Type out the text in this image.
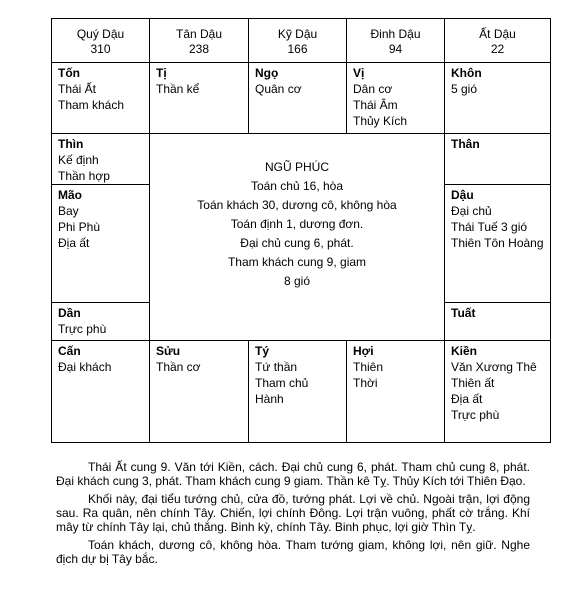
Quý Dậu
310
Tân Dậu
238
Kỹ Dậu
166
Đinh Dậu
94
Ất Dậu
22
Tốn
Thái Ất
Tham khách
Tị
Thần kể
Ngọ
Quân cơ
Vị
Dân cơ
Thái Âm
Thủy Kích
Khôn
5 gió
Thìn
Kế định
Thần hợp
Mão
Bay
Phi Phù
Địa ất
Dần
Trực phù
NGŨ PHÚC
Toán chủ 16, hòa
Toán khách 30, dương cô, không hòa
Toán định 1, dương đơn.
Đại chủ cung 6, phát.
Tham khách cung 9, giam
8 gió
Thân
Dậu
Đại chủ
Thái Tuế 3 gió
Thiên Tôn Hoàng
Tuất
Cấn
Đại khách
Sửu
Thần cơ
Tý
Tứ thần
Tham chủ
Hành
Hợi
Thiên
Thời
Kiền
Văn Xương Thê
Thiên ất
Địa ất
Trực phù

Thái Ất cung 9. Văn tới Kiền, cách. Đại chủ cung 6, phát. Tham chủ cung 8, phát. Đại khách cung 3, phát. Tham khách cung 9 giam. Thần kê Tỵ. Thủy Kích tới Thiên Đạo.

Khối này, đại tiểu tướng chủ, cửa đồ, tướng phát. Lợi về chủ. Ngoài trận, lợi động sau. Ra quân, nên chính Tây. Chiến, lợi chính Đông. Lợi trận vuông, phất cờ trắng. Khí mây từ chính Tây lại, chủ thắng. Binh kỳ, chính Tây. Binh phục, lợi giờ Thìn Tỵ.

Toán khách, dương cô, không hòa. Tham tướng giam, không lợi, nên giữ. Nghe địch dự bị Tây bắc.
